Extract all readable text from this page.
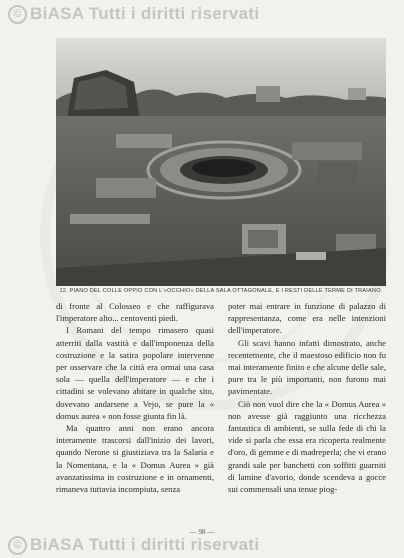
© BiASA Tutti i diritti riservati
12. PIANO DEL COLLE OPPIO CON L'«OCCHIO» DELLA SALA OTTAGONALE, E I RESTI DELLE TERME DI TRAIANO.

di fronte al Colosseo e che raffigurava l'imperatore alto... centoventi piedi.

I Romani del tempo rimasero quasi atterriti dalla vastità e dall'imponenza della costruzione e la satira popolare intervenne per osservare che la città era ormai una casa sola — quella dell'imperatore — e che i cittadini se volevano abitare in qualche sito, dovevano andarsene a Vejo, se pure la « domus aurea » non fosse giunta fin là.

Ma quattro anni non erano ancora interamente trascorsi dall'inizio dei lavori, quando Nerone si giustiziava tra la Salaria e la Nomentana, e la « Domus Aurea » già avanzatissima in costruzione e in ornamenti, rimaneva tuttavia incompiuta, senza

poter mai entrare in funzione di palazzo di rappresentanza, come era nelle intenzioni dell'imperatore.

Gli scavi hanno infatti dimostrato, anche recentemente, che il maestoso edificio non fu mai interamente finito e che alcune delle sale, pure tra le più importanti, non furono mai pavimentate.

Ciò non vuol dire che la « Domus Aurea » non avesse già raggiunto una ricchezza fantastica di ambienti, se sulla fede di chi la vide si parla che essa era ricoperta realmente d'oro, di gemme e di madreperla; che vi erano grandi sale per banchetti con soffitti guarniti di lamine d'avorio, donde scendeva a gocce sui commensali una tenue piog-

— 98 —
© BiASA Tutti i diritti riservati
